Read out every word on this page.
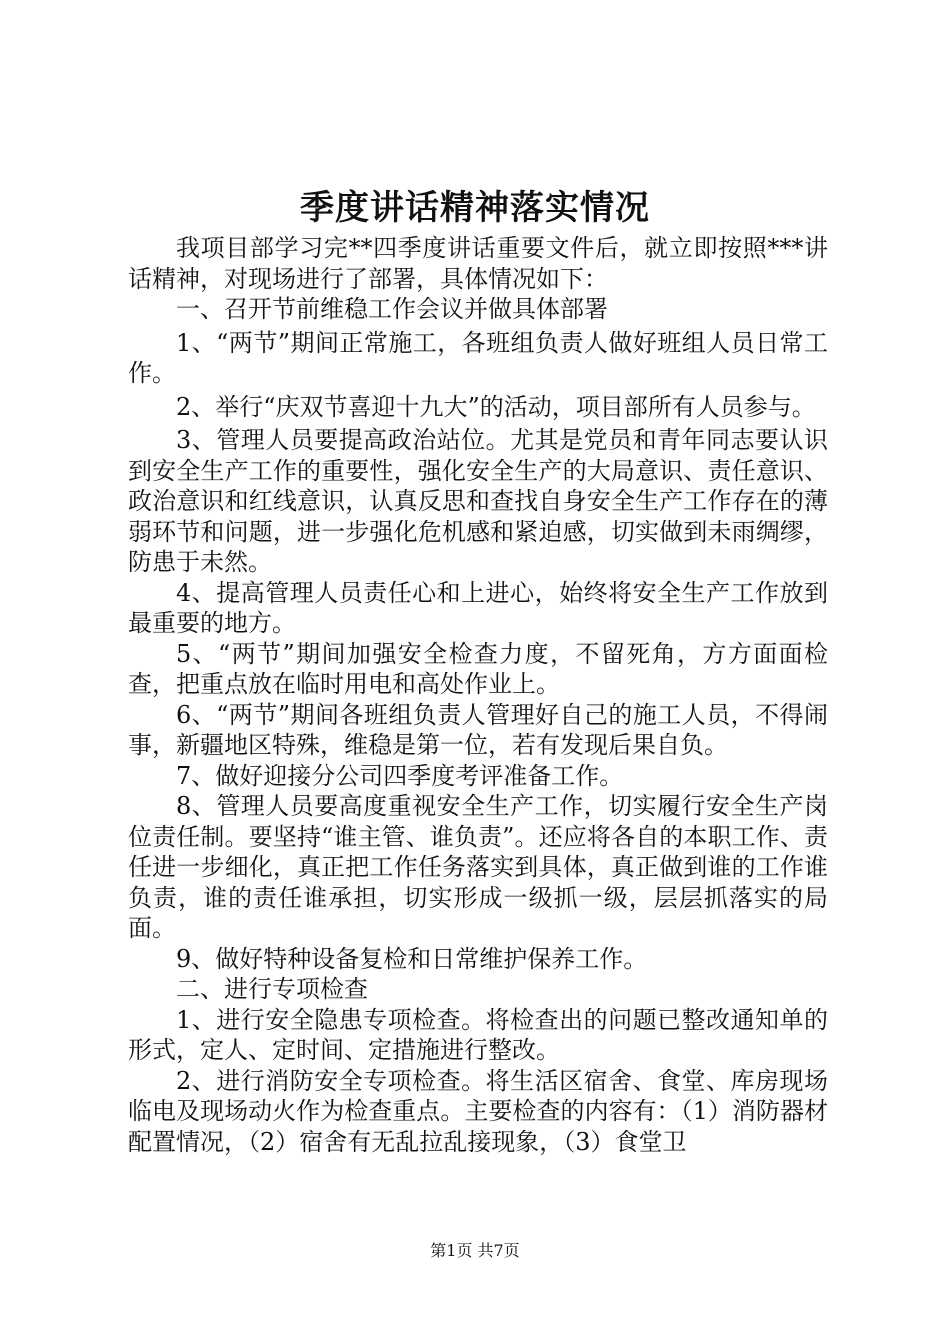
季度讲话精神落实情况

我项目部学习完**四季度讲话重要文件后，就立即按照***讲话精神，对现场进行了部署，具体情况如下：

一、召开节前维稳工作会议并做具体部署

1、“两节”期间正常施工，各班组负责人做好班组人员日常工作。

2、举行“庆双节喜迎十九大”的活动，项目部所有人员参与。

3、管理人员要提高政治站位。尤其是党员和青年同志要认识到安全生产工作的重要性，强化安全生产的大局意识、责任意识、政治意识和红线意识，认真反思和查找自身安全生产工作存在的薄弱环节和问题，进一步强化危机感和紧迫感，切实做到未雨绸缪，防患于未然。

4、提高管理人员责任心和上进心，始终将安全生产工作放到最重要的地方。

5、“两节”期间加强安全检查力度，不留死角，方方面面检查，把重点放在临时用电和高处作业上。

6、“两节”期间各班组负责人管理好自己的施工人员，不得闹事，新疆地区特殊，维稳是第一位，若有发现后果自负。

7、做好迎接分公司四季度考评准备工作。

8、管理人员要高度重视安全生产工作，切实履行安全生产岗位责任制。要坚持“谁主管、谁负责”。还应将各自的本职工作、责任进一步细化，真正把工作任务落实到具体，真正做到谁的工作谁负责，谁的责任谁承担，切实形成一级抓一级，层层抓落实的局面。

9、做好特种设备复检和日常维护保养工作。

二、进行专项检查

1、进行安全隐患专项检查。将检查出的问题已整改通知单的形式，定人、定时间、定措施进行整改。

2、进行消防安全专项检查。将生活区宿舍、食堂、库房现场临电及现场动火作为检查重点。主要检查的内容有：（1）消防器材配置情况，（2）宿舍有无乱拉乱接现象，（3）食堂卫

第1页 共7页
